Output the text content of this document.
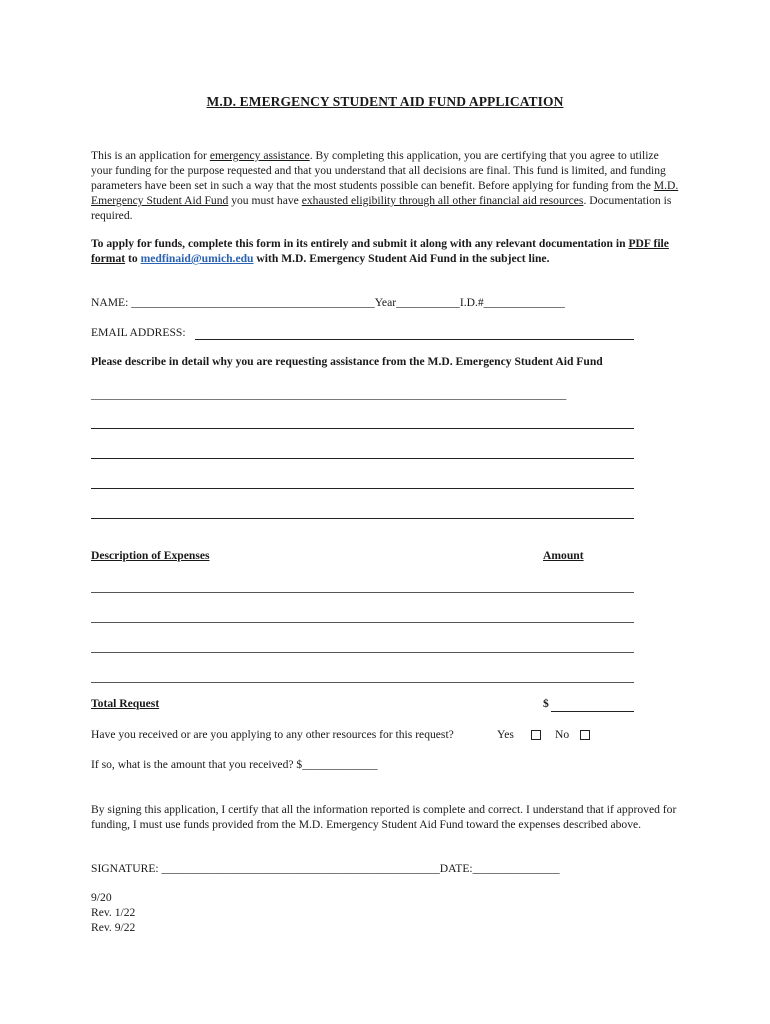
M.D. EMERGENCY STUDENT AID FUND APPLICATION
This is an application for emergency assistance. By completing this application, you are certifying that you agree to utilize your funding for the purpose requested and that you understand that all decisions are final. This fund is limited, and funding parameters have been set in such a way that the most students possible can benefit. Before applying for funding from the M.D. Emergency Student Aid Fund you must have exhausted eligibility through all other financial aid resources. Documentation is required.
To apply for funds, complete this form in its entirely and submit it along with any relevant documentation in PDF file format to medfinaid@umich.edu with M.D. Emergency Student Aid Fund in the subject line.
NAME: __________________________________________Year___________I.D.#______________
EMAIL ADDRESS:
Please describe in detail why you are requesting assistance from the M.D. Emergency Student Aid Fund
__________________________________________________________________________________
Description of Expenses	Amount
Total Request	$
Have you received or are you applying to any other resources for this request?	Yes	No
If so, what is the amount that you received? $_____________
By signing this application, I certify that all the information reported is complete and correct. I understand that if approved for funding, I must use funds provided from the M.D. Emergency Student Aid Fund toward the expenses described above.
SIGNATURE: ________________________________________________DATE:_______________
9/20
Rev. 1/22
Rev. 9/22
